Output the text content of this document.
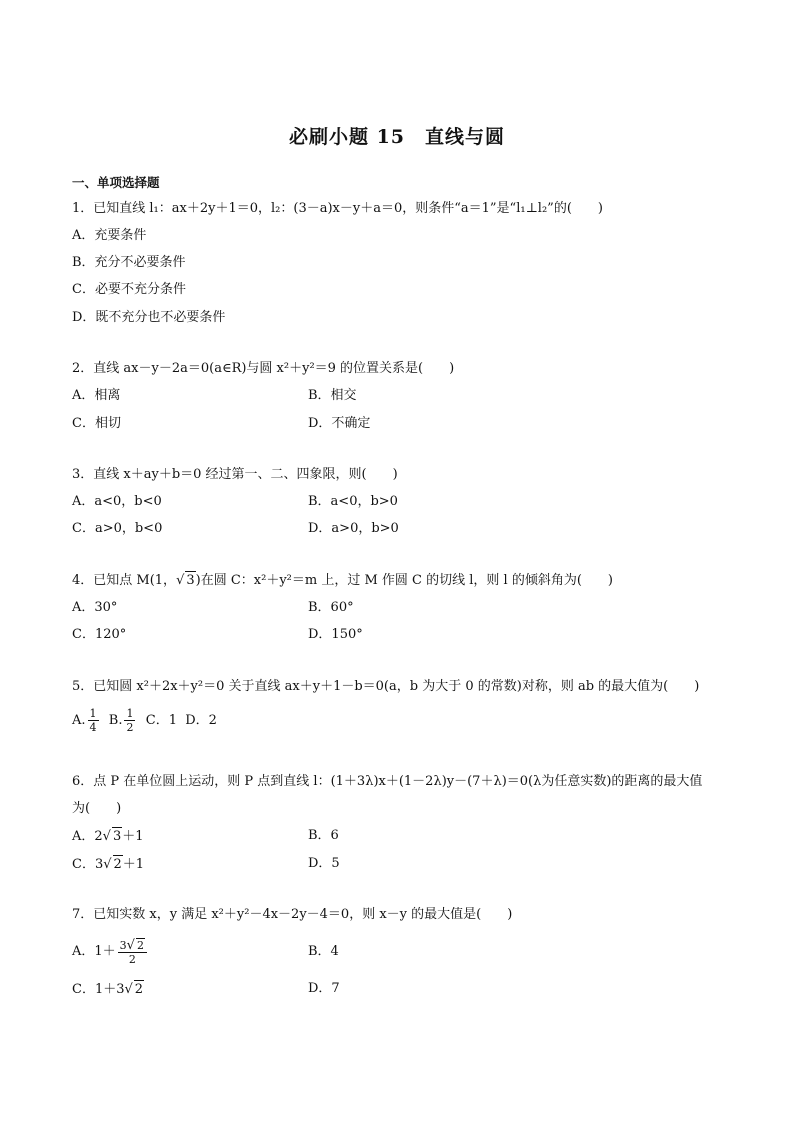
必刷小题 15　直线与圆
一、单项选择题
1．已知直线 l₁：ax＋2y＋1＝0，l₂：(3－a)x－y＋a＝0，则条件“a＝1”是“l₁⊥l₂”的(　　)
A．充要条件
B．充分不必要条件
C．必要不充分条件
D．既不充分也不必要条件
2．直线 ax－y－2a＝0(a∈R)与圆 x²＋y²＝9 的位置关系是(　　)
A．相离	B．相交
C．相切	D．不确定
3．直线 x＋ay＋b＝0 经过第一、二、四象限，则(　　)
A．a<0，b<0	B．a<0，b>0
C．a>0，b<0	D．a>0，b>0
4．已知点 M(1，√ 3)在圆 C：x²＋y²＝m 上，过 M 作圆 C 的切线 l，则 l 的倾斜角为(　　)
A．30°	B．60°
C．120°	D．150°
5．已知圆 x²＋2x＋y²＝0 关于直线 ax＋y＋1－b＝0(a，b 为大于 0 的常数)对称，则 ab 的最大值为(　　)
A. $\frac{1}{4} B$. $\frac{1}{2}$ C．1 D．2
6．点 P 在单位圆上运动，则 P 点到直线 l：(1＋3λ)x＋(1－2λ)y－(7＋λ)＝0(λ为任意实数)的距离的最大值
为(　　)
A．2√ 3＋1	B．6
C．3√ 2＋1	D．5
7．已知实数 x，y 满足 x²＋y²－4x－2y－4＝0，则 x－y 的最大值是(　　)
A．$1+ \frac{3√ 2}{2}$	B．4
C．1＋3√ 2	D．7
